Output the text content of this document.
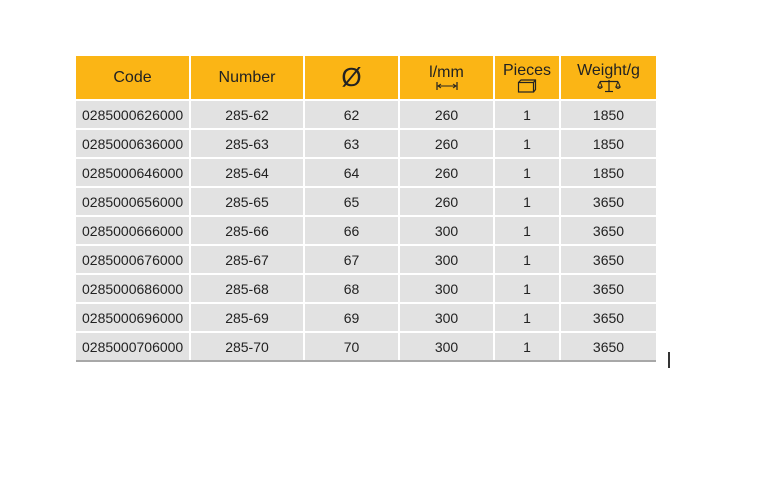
Code	Number	Ø	l/mm	Pieces	Weight/g

0285000626000	285-62	62	260	1	1850
0285000636000	285-63	63	260	1	1850
0285000646000	285-64	64	260	1	1850
0285000656000	285-65	65	260	1	3650
0285000666000	285-66	66	300	1	3650
0285000676000	285-67	67	300	1	3650
0285000686000	285-68	68	300	1	3650
0285000696000	285-69	69	300	1	3650
0285000706000	285-70	70	300	1	3650
